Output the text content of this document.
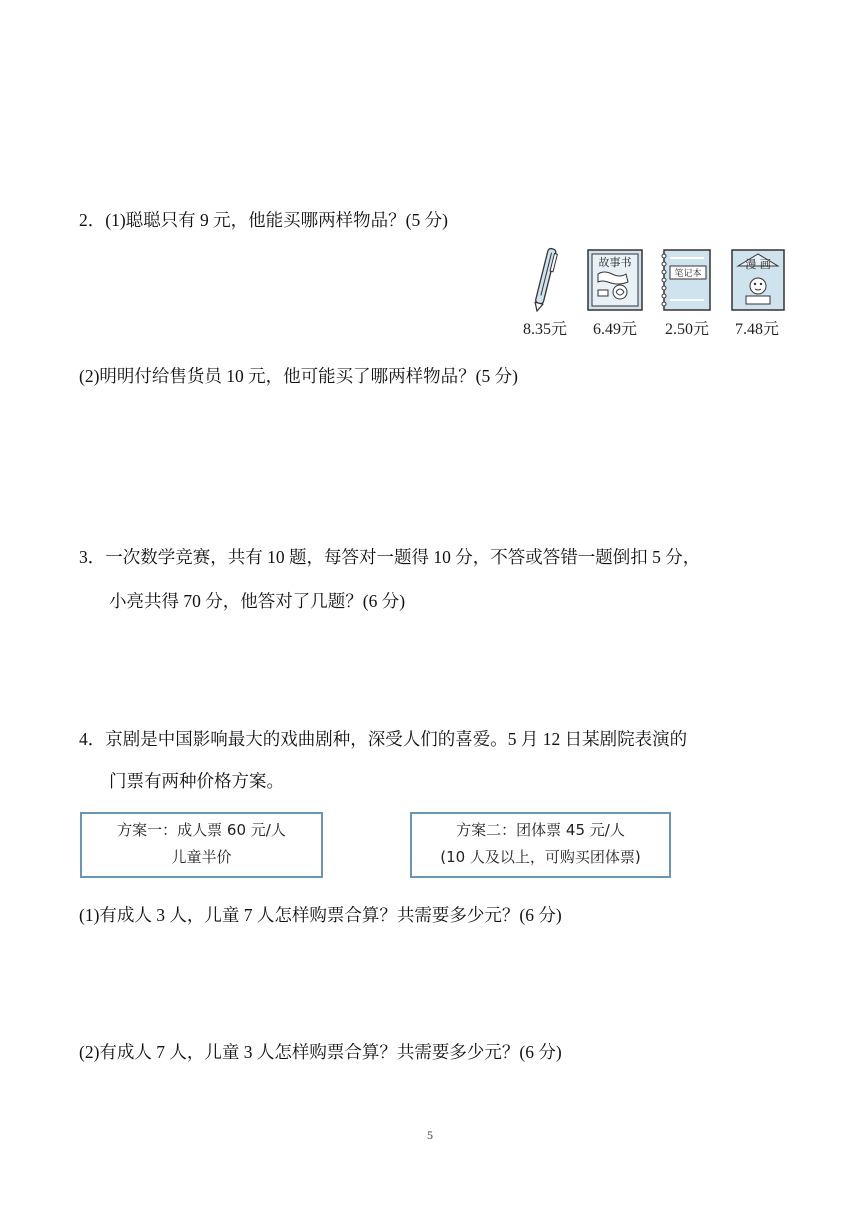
2．(1)聪聪只有 9 元，他能买哪两样物品？(5 分)
8.35元
故事书
6.49元
笔记本
2.50元
漫 画
7.48元
(2)明明付给售货员 10 元，他可能买了哪两样物品？(5 分)
3．一次数学竞赛，共有 10 题，每答对一题得 10 分，不答或答错一题倒扣 5 分，
小亮共得 70 分，他答对了几题？(6 分)
4．京剧是中国影响最大的戏曲剧种，深受人们的喜爱。5 月 12 日某剧院表演的
门票有两种价格方案。
方案一：成人票 60 元/人
儿童半价
方案二：团体票 45 元/人
(10 人及以上，可购买团体票)
(1)有成人 3 人，儿童 7 人怎样购票合算？共需要多少元？(6 分)
(2)有成人 7 人，儿童 3 人怎样购票合算？共需要多少元？(6 分)
5
